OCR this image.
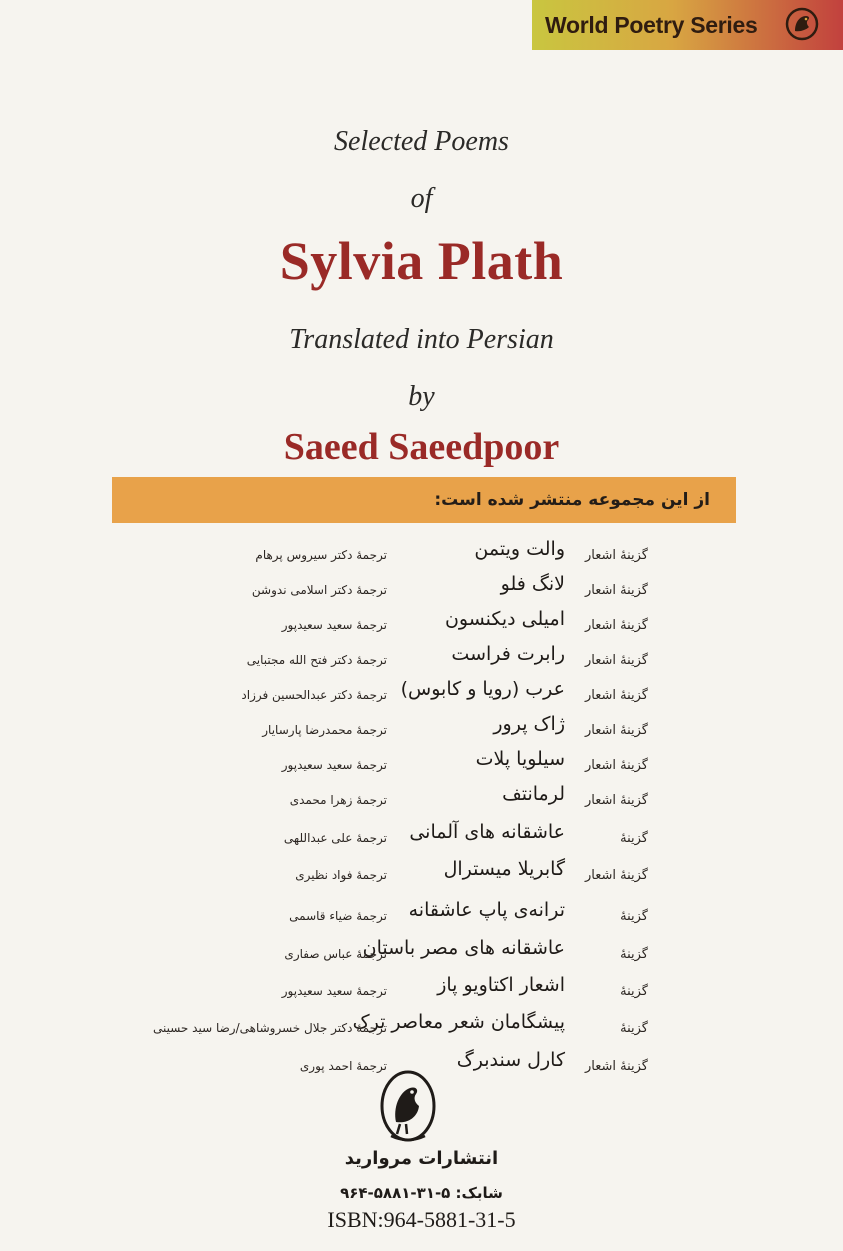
World Poetry Series
Selected Poems
of
Sylvia Plath
Translated into Persian
by
Saeed Saeedpoor
از این مجموعه منتشر شده است:
گزینهٔ اشعار
والت ویتمن
ترجمهٔ دکتر سیروس پرهام
گزینهٔ اشعار
لانگ فلو
ترجمهٔ دکتر اسلامی ندوشن
گزینهٔ اشعار
امیلی دیکنسون
ترجمهٔ سعید سعیدپور
گزینهٔ اشعار
رابرت فراست
ترجمهٔ دکتر فتح الله مجتبایی
گزینهٔ اشعار
عرب (رویا و کابوس)
ترجمهٔ دکتر عبدالحسین فرزاد
گزینهٔ اشعار
ژاک پرور
ترجمهٔ محمدرضا پارسایار
گزینهٔ اشعار
سیلویا پلات
ترجمهٔ سعید سعیدپور
گزینهٔ اشعار
لرمانتف
ترجمهٔ زهرا محمدی
گزینهٔ
عاشقانه های آلمانی
ترجمهٔ علی عبداللهی
گزینهٔ اشعار
گابریلا میسترال
ترجمهٔ فواد نظیری
گزینهٔ
ترانه‌ی پاپ عاشقانه
ترجمهٔ ضیاء قاسمی
گزینهٔ
عاشقانه های مصر باستان
ترجمهٔ عباس صفاری
گزینهٔ
اشعار اکتاویو پاز
ترجمهٔ سعید سعیدپور
گزینهٔ
پیشگامان شعر معاصر ترک
ترجمهٔ دکتر جلال خسروشاهی/رضا سید حسینی
گزینهٔ اشعار
کارل سندبرگ
ترجمهٔ احمد پوری
انتشارات مروارید
شابک: ۵-۳۱-۵۸۸۱-۹۶۴
ISBN:964-5881-31-5
